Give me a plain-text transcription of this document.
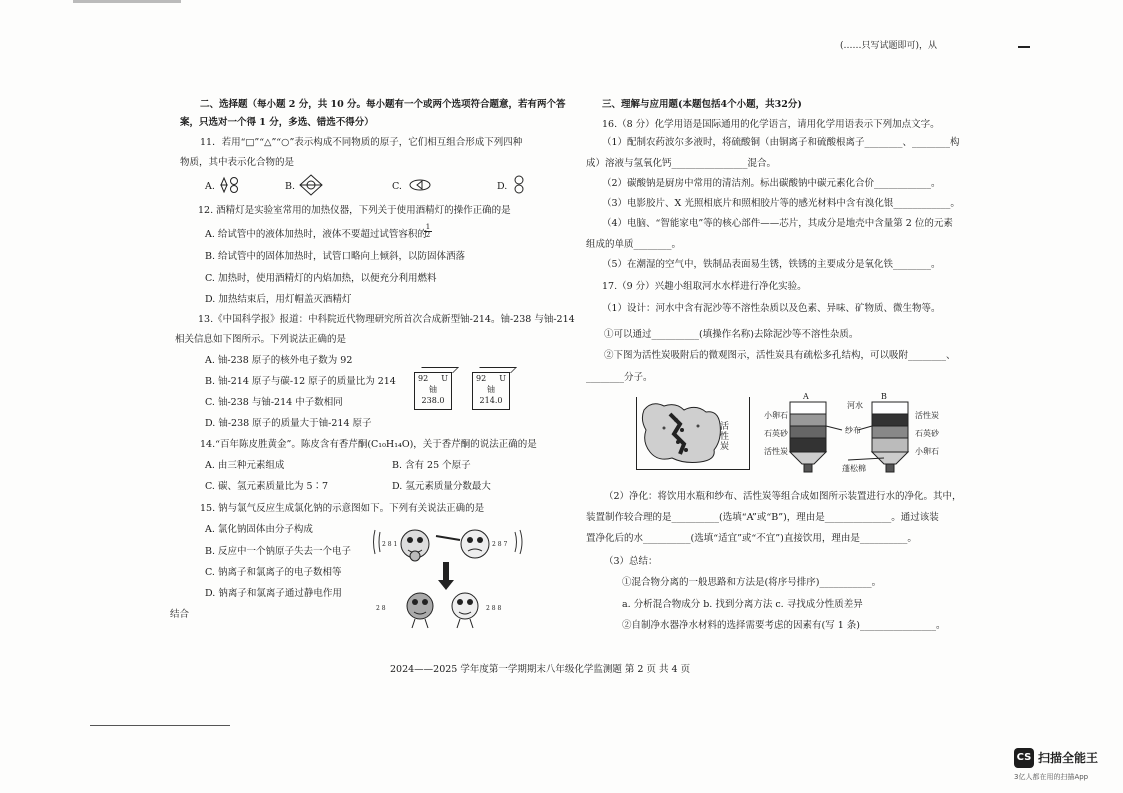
(……只写试题即可)，从
二、选择题（每小题 2 分，共 10 分。每小题有一个或两个选项符合题意，若有两个答
案，只选对一个得 1 分，多选、错选不得分）
11．若用“□”“△”“○”表示构成不同物质的原子，它们相互组合形成下列四种
物质，其中表示化合物的是
A.	B.	C.	D.
12. 酒精灯是实验室常用的加热仪器，下列关于使用酒精灯的操作正确的是
A. 给试管中的液体加热时，液体不要超过试管容积的
1
2
B. 给试管中的固体加热时，试管口略向上倾斜，以防固体洒落
C. 加热时，使用酒精灯的内焰加热，以便充分利用燃料
D. 加热结束后，用灯帽盖灭酒精灯
13.《中国科学报》报道：中科院近代物理研究所首次合成新型铀-214。铀-238 与铀-214
相关信息如下图所示。下列说法正确的是
A. 铀-238 原子的核外电子数为 92
B. 铀-214 原子与碳-12 原子的质量比为 214
C. 铀-238 与铀-214 中子数相同
D. 铀-238 原子的质量大于铀-214 原子
92 U
铀
238.0
92 U
铀
214.0
14.“百年陈皮胜黄金”。陈皮含有香芹酮(C₁₀H₁₄O)，关于香芹酮的说法正确的是
A. 由三种元素组成	B. 含有 25 个原子
C. 碳、氢元素质量比为 5∶7	D. 氢元素质量分数最大
15. 钠与氯气反应生成氯化钠的示意图如下。下列有关说法正确的是
A. 氯化钠固体由分子构成
B. 反应中一个钠原子失去一个电子
C. 钠离子和氯离子的电子数相等
D. 钠离子和氯离子通过静电作用
结合
2 8 1	2 8 7
2 8	2 8 8
三、理解与应用题(本题包括4个小题，共32分)
16.（8 分）化学用语是国际通用的化学语言，请用化学用语表示下列加点文字。
（1）配制农药波尔多液时，将硫酸铜（由铜离子和硫酸根离子________、________构
成）溶液与氢氧化钙________________混合。
（2）碳酸钠是厨房中常用的清洁剂。标出碳酸钠中碳元素化合价____________。
（3）电影胶片、X 光照相底片和照相胶片等的感光材料中含有溴化银____________。
（4）电脑、“智能家电”等的核心部件——芯片，其成分是地壳中含量第 2 位的元素
组成的单质________。
（5）在潮湿的空气中，铁制品表面易生锈，铁锈的主要成分是氧化铁________。
17.（9 分）兴趣小组取河水水样进行净化实验。
（1）设计：河水中含有泥沙等不溶性杂质以及色素、异味、矿物质、微生物等。
①可以通过__________(填操作名称)去除泥沙等不溶性杂质。
②下图为活性炭吸附后的微观图示，活性炭具有疏松多孔结构，可以吸附________、
________分子。
活性炭
A	B
河水
小卵石
石英砂
活性炭
纱布
活性炭
石英砂
小卵石
蓬松棉
（2）净化：将饮用水瓶和纱布、活性炭等组合成如图所示装置进行水的净化。其中，
装置制作较合理的是__________(选填“A”或“B”)，理由是______________。通过该装
置净化后的水__________(选填“适宜”或“不宜”)直接饮用，理由是__________。
（3）总结：
①混合物分离的一般思路和方法是(将序号排序)___________。
a. 分析混合物成分 b. 找到分离方法 c. 寻找成分性质差异
②自制净水器净水材料的选择需要考虑的因素有(写 1 条)________________。
2024——2025 学年度第一学期期末八年级化学监测题 第 2 页 共 4 页
CS 扫描全能王
3亿人都在用的扫描App
